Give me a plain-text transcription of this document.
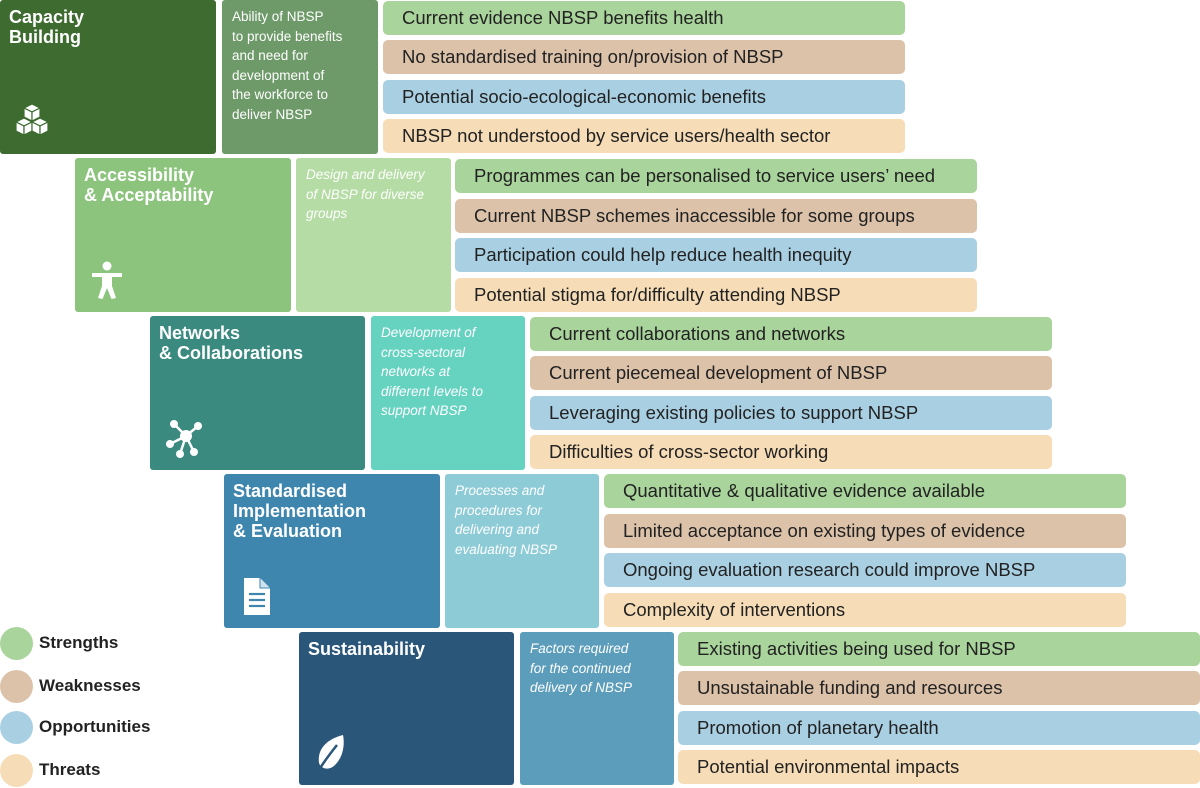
Capacity
Building
Ability of NBSP
to provide benefits
and need for
development of
the workforce to
deliver NBSP
Current evidence NBSP benefits health
No standardised training on/provision of NBSP
Potential socio-ecological-economic benefits
NBSP not understood by service users/health sector
Accessibility
& Acceptability
Design and delivery
of NBSP for diverse
groups
Programmes can be personalised to service users’ need
Current NBSP schemes inaccessible for some groups
Participation could help reduce health inequity
Potential stigma for/difficulty attending NBSP
Networks
& Collaborations
Development of
cross-sectoral
networks at
different levels to
support NBSP
Current collaborations and networks
Current piecemeal development of NBSP
Leveraging existing policies to support NBSP
Difficulties of cross-sector working
Standardised
Implementation
& Evaluation
Processes and
procedures for
delivering and
evaluating NBSP
Quantitative & qualitative evidence available
Limited acceptance on existing types of evidence
Ongoing evaluation research could improve NBSP
Complexity of interventions
Sustainability	Factors required
for the continued
delivery of NBSP
Existing activities being used for NBSP
Unsustainable funding and resources
Promotion of planetary health
Potential environmental impacts
Strengths
Weaknesses
Opportunities
Threats
